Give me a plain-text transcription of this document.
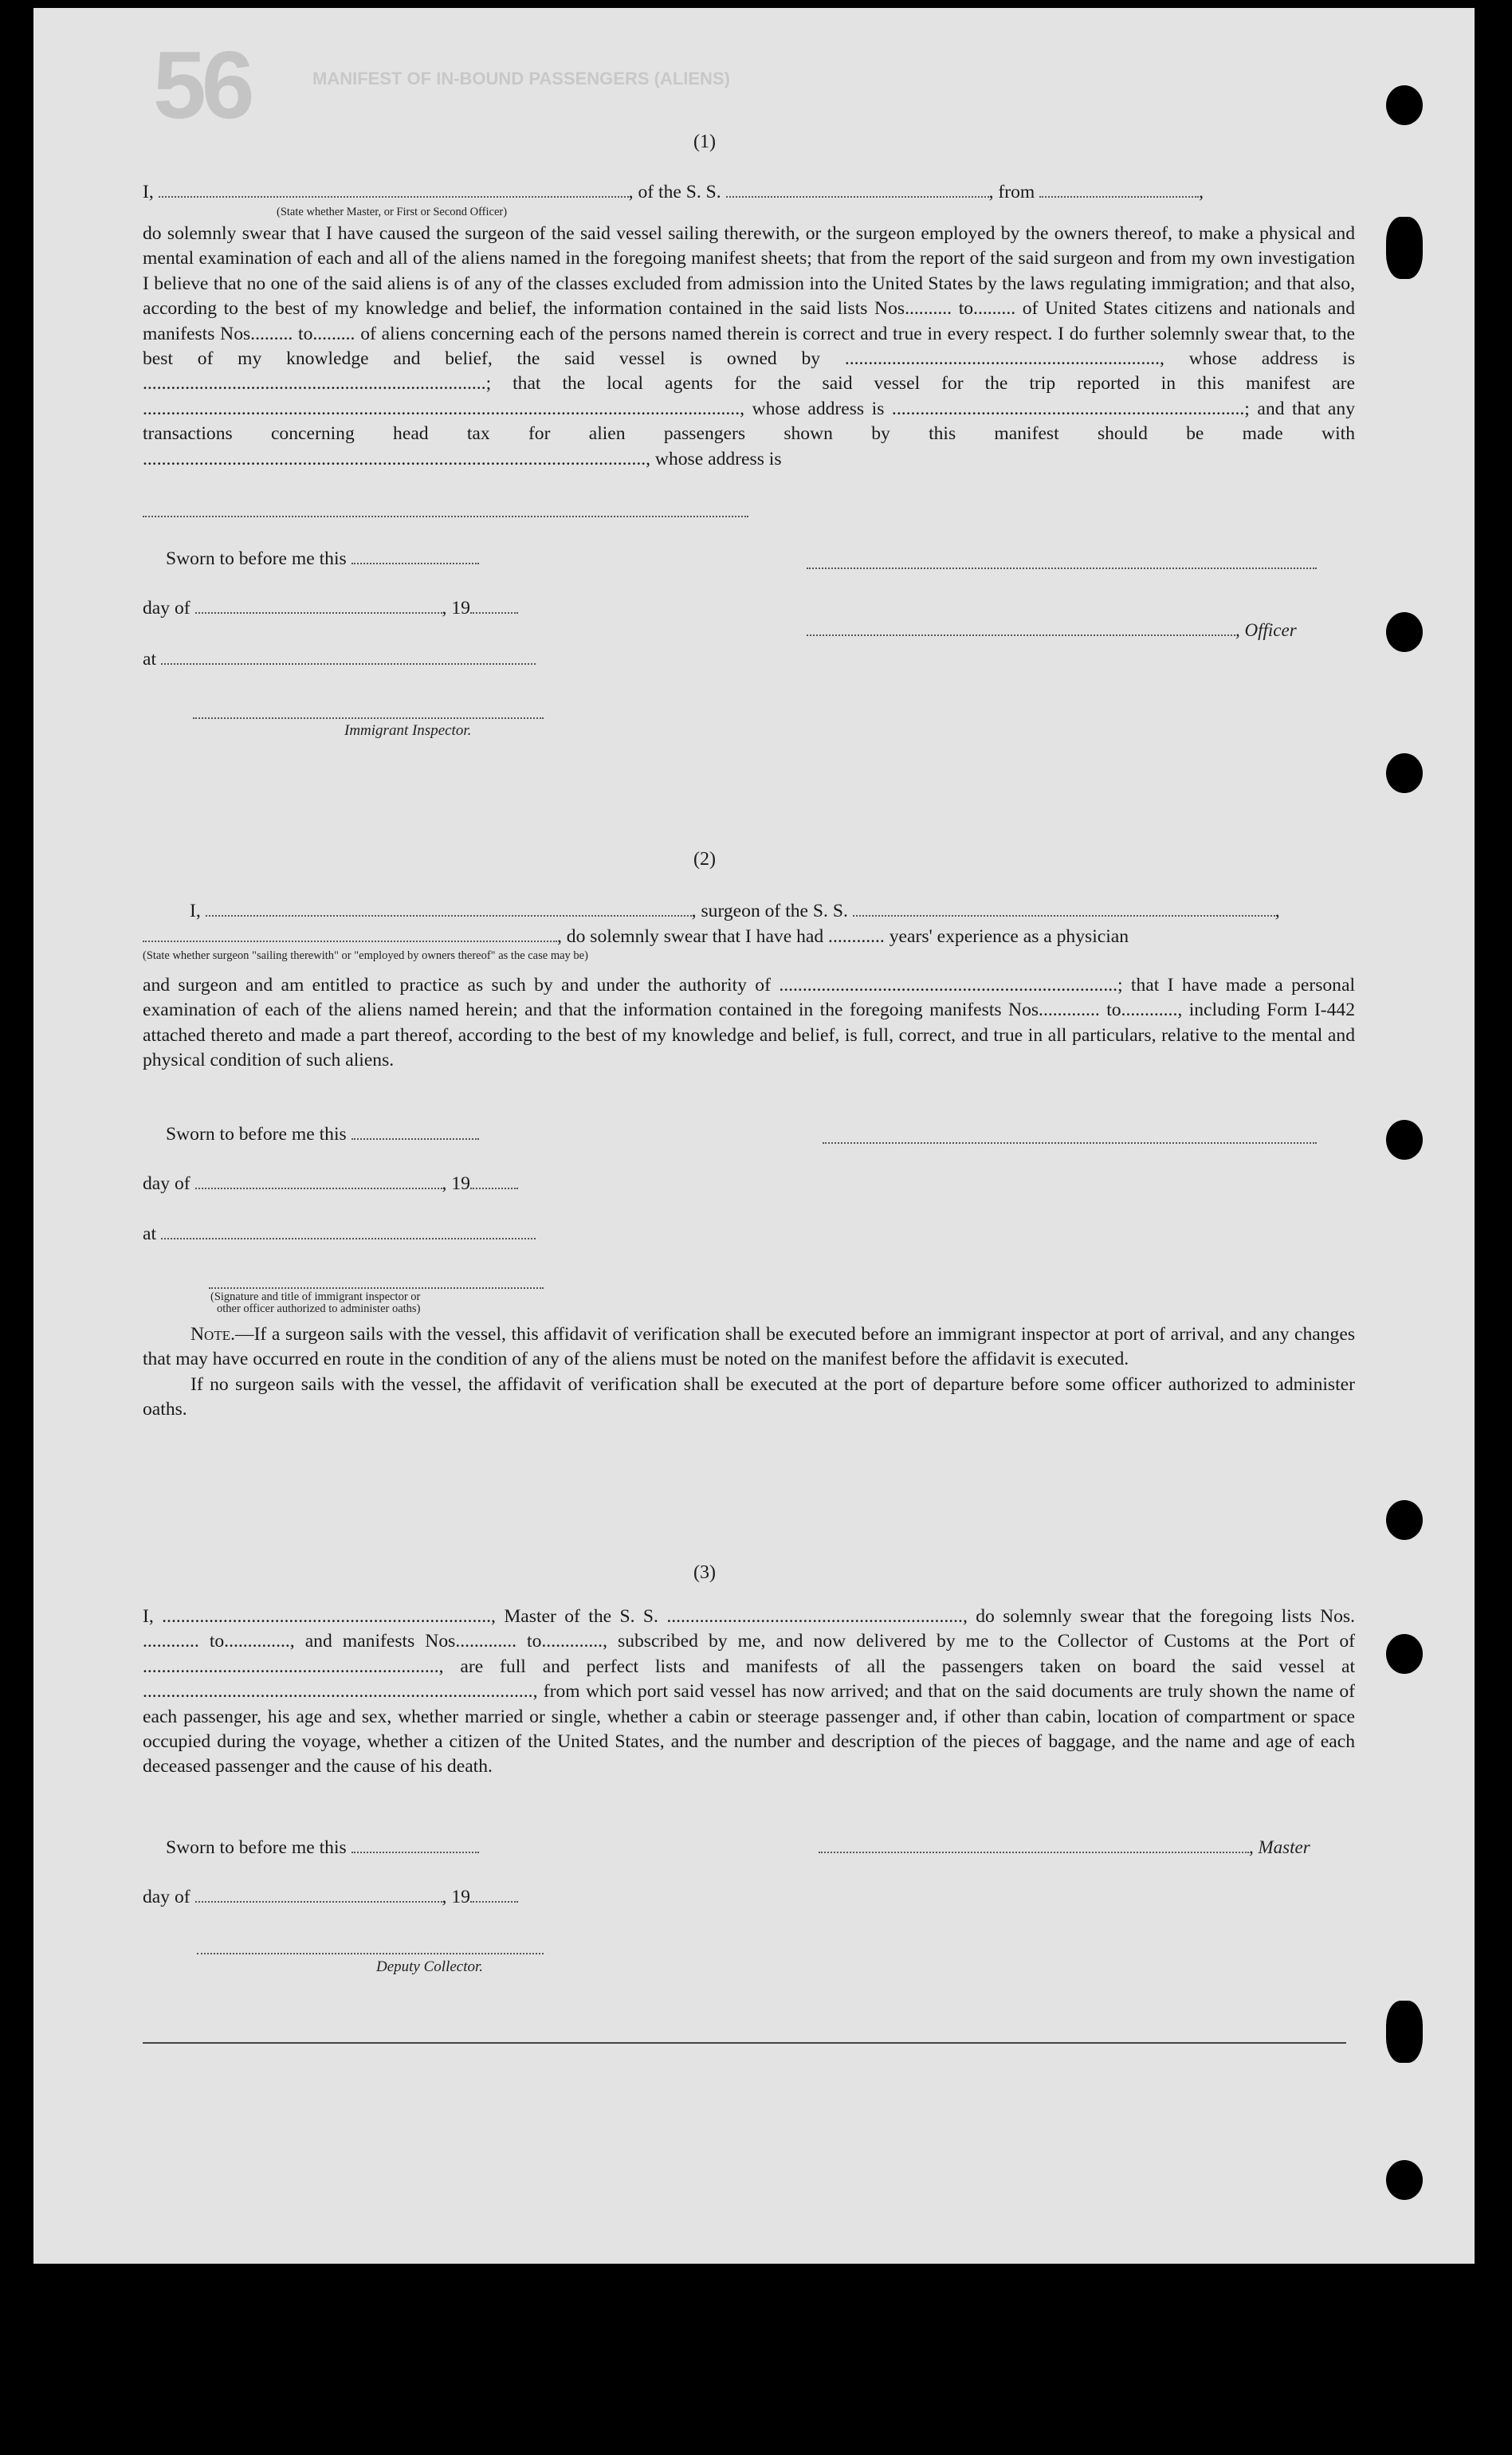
56	MANIFEST OF IN-BOUND PASSENGERS (ALIENS)
(1)
I,	, of the S. S.	, from	,
(State whether Master, or First or Second Officer)
do solemnly swear that I have caused the surgeon of the said vessel sailing therewith, or the surgeon employed by the owners thereof, to make a physical and mental examination of each and all of the aliens named in the foregoing manifest sheets; that from the report of the said surgeon and from my own investigation I believe that no one of the said aliens is of any of the classes excluded from admission into the United States by the laws regulating immigration; and that also, according to the best of my knowledge and belief, the information contained in the said lists Nos.......... to......... of United States citizens and nationals and manifests Nos......... to......... of aliens concerning each of the persons named therein is correct and true in every respect. I do further solemnly swear that, to the best of my knowledge and belief, the said vessel is owned by ..................................................................., whose address is .........................................................................; that the local agents for the said vessel for the trip reported in this manifest are ..............................................................................................................................., whose address is ...........................................................................; and that any transactions concerning head tax for alien passengers shown by this manifest should be made with ..........................................................................................................., whose address is
Sworn to before me this
day of	, 19
, Officer
at
Immigrant Inspector.
(2)
I,	, surgeon of the S. S.	,
, do solemnly swear that I have had ............ years' experience as a physician
(State whether surgeon "sailing therewith" or "employed by owners thereof" as the case may be)
and surgeon and am entitled to practice as such by and under the authority of ........................................................................; that I have made a personal examination of each of the aliens named herein; and that the information contained in the foregoing manifests Nos............. to............, including Form I-442 attached thereto and made a part thereof, according to the best of my knowledge and belief, is full, correct, and true in all particulars, relative to the mental and physical condition of such aliens.
Sworn to before me this
day of	, 19
at
(Signature and title of immigrant inspector or
other officer authorized to administer oaths)
Note.—If a surgeon sails with the vessel, this affidavit of verification shall be executed before an immigrant inspector at port of arrival, and any changes that may have occurred en route in the condition of any of the aliens must be noted on the manifest before the affidavit is executed.
If no surgeon sails with the vessel, the affidavit of verification shall be executed at the port of departure before some officer authorized to administer oaths.
(3)
I, ......................................................................, Master of the S. S. ..............................................................., do solemnly swear that the foregoing lists Nos. ............ to.............., and manifests Nos............. to............., subscribed by me, and now delivered by me to the Collector of Customs at the Port of ..............................................................., are full and perfect lists and manifests of all the passengers taken on board the said vessel at ..................................................................................., from which port said vessel has now arrived; and that on the said documents are truly shown the name of each passenger, his age and sex, whether married or single, whether a cabin or steerage passenger and, if other than cabin, location of compartment or space occupied during the voyage, whether a citizen of the United States, and the number and description of the pieces of baggage, and the name and age of each deceased passenger and the cause of his death.
Sworn to before me this	, Master
day of	, 19
Deputy Collector.
